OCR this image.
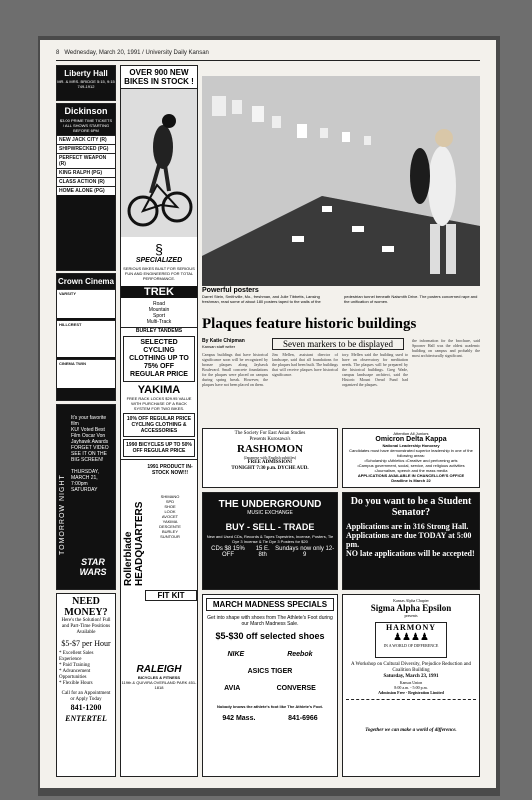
8 Wednesday, March 20, 1991 / University Daily Kansan
Liberty Hall
MR. & MRS. BRIDGE 5:15, 9:15
749-1912
Dickinson
$3.00 PRIME TIME TICKETS / ALL SHOWS STARTING BEFORE 6PM
NEW JACK CITY (R)
SHIPWRECKED (PG)
PERFECT WEAPON (R)
KING RALPH (PG)
CLASS ACTION (R)
HOME ALONE (PG)
Crown Cinema
VARSITY
HILLCREST
CINEMA TWIN
TOMORROW NIGHT
It's your favorite film
KU! Voted Best Film Oscar Von
Jayhawk Awards FORGET VIDEO
SEE IT ON THE BIG SCREEN!
THURSDAY, MARCH 21,
7:00pm
SATURDAY
STAR WARS
NEED MONEY?
Here's the Solution! Full and Part-Time Positions Available
$5-$7 per Hour
* Excellent Sales Experience
* Paid Training
* Advancement Opportunities
* Flexible Hours
Call for an Appointment or Apply Today
841-1200
ENTERTEL
OVER 900 NEW BIKES IN STOCK !
§
SPECIALIZED
SERIOUS BIKES BUILT FOR SERIOUS FUN AND ENGINEERED FOR TOTAL PERFORMANCE.
TREK
Road
Mountain
Sport
Multi-Track
BURLEY TANDEMS
SELECTED CYCLING CLOTHING UP TO 75% OFF REGULAR PRICE
YAKIMA
FREE RACK LOCKS $29.95 VALUE WITH PURCHASE OF A RACK SYSTEM FOR TWO BIKES.
10% OFF REGULAR PRICE CYCLING CLOTHING & ACCESSORIES
1990 BICYCLES UP TO 50% OFF REGULAR PRICE
Rollerblade HEADQUARTERS
1991 PRODUCT IN-STOCK NOW!!!
SHIMANO
SPD
SHOE
LOOK
AVOCET
YAKIMA
DESCENTE
BURLEY
SUNTOUR
FIT KIT
RALEIGH
BICYCLES & FITNESS
119th & QUIVIRA OVERLAND PARK 451-1818
Powerful posters
Darrel Stein, Smithville, Mo., freshman, and Julie Tibbetts, Lansing freshman, read some of about 180 posters taped to the walls of the
pedestrian tunnel beneath Naismith Drive. The posters concerned rape and the unification of women.
Plaques feature historic buildings
Seven markers to be displayed
By Katie Chipman
Kansan staff writer
Campus buildings that have historical significance soon will be recognized by bronze plaques along Jayhawk Boulevard. Small concrete foundations for the plaques were placed on campus during spring break. However, the plaques have not been placed on them.
Jim Mellen, assistant director of landscape, said that all foundations for the plaques had been built. The buildings that will receive plaques have historical significance.
tory. Mellen said the building used to have an observatory for meditation needs. The plaques will be prepared by the historical buildings. Greg Wade, campus landscape architect, said the Historic Mount Oread Fund had organized the plaques.
the information for the brochure, said Spooner Hall was the oldest academic building on campus and probably the most architecturally significant.
The Society For East Asian Studies
Presents Kurosawa's
RASHOMON
(Japanese with English subtitles)
FREE ADMISSION!
TONIGHT 7:30 p.m. DYCHE AUD.
Attention All Juniors
Omicron Delta Kappa
National Leadership Honorary
Candidates must have demonstrated superior leadership in one of the following areas:
•Scholarship •Athletics •Creative and performing arts
•Campus government, social, service, and religious activities
•Journalism, speech and the mass media
APPLICATIONS AVAILABLE IN CHANCELLOR'S OFFICE
Deadline is March 22
THE UNDERGROUND
MUSIC EXCHANGE
BUY - SELL - TRADE
New and Used CDs, Records & Tapes Tapestries, Incense, Posters, Tie Dye 3 Incense & Tie Dye 3 Posters for $20
CDs $8 15% OFF
15 E. 8th
Sundays now only 12-9
Do you want to be a Student Senator?
Applications are in 316 Strong Hall.
Applications are due TODAY at 5:00 pm.
NO late applications will be accepted!
MARCH MADNESS SPECIALS
Get into shape with shoes from The Athlete's Foot during our March Madness Sale.
$5-$30 off selected shoes
NIKE	Reebok
ASICS TIGER
AVIA	CONVERSE
Nobody knows the athlete's foot like The Athlete's Foot.
942 Mass.	841-6966
Kansas Alpha Chapter
Sigma Alpha Epsilon
presents
HARMONY
♟♟♟♟
IN A WORLD OF DIFFERENCE
A Workshop on Cultural Diversity, Prejudice Reduction and Coalition Building
Saturday, March 23, 1991
Kansas Union
8:00 a.m. - 5:00 p.m.
Admission Free - Registration Limited
Together we can make a world of difference.
